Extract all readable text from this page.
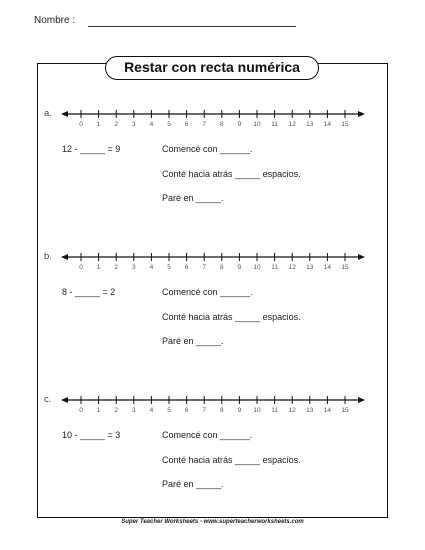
Nombre :
Restar con recta numérica
a.
0 1 2 3 4 5 6 7 8 9 10 11 12 13 14 15
12 - _____ = 9	Comencé con ______.
Conté hacia atrás _____ espacios.
Paré en _____.
b.
0 1 2 3 4 5 6 7 8 9 10 11 12 13 14 15
8 - _____ = 2	Comencé con ______.
Conté hacia atrás _____ espacios.
Paré en _____.
c.
0 1 2 3 4 5 6 7 8 9 10 11 12 13 14 15
10 - _____ = 3	Comencé con ______.
Conté hacia atrás _____ espacios.
Paré en _____.
Super Teacher Worksheets - www.superteacherworksheets.com
